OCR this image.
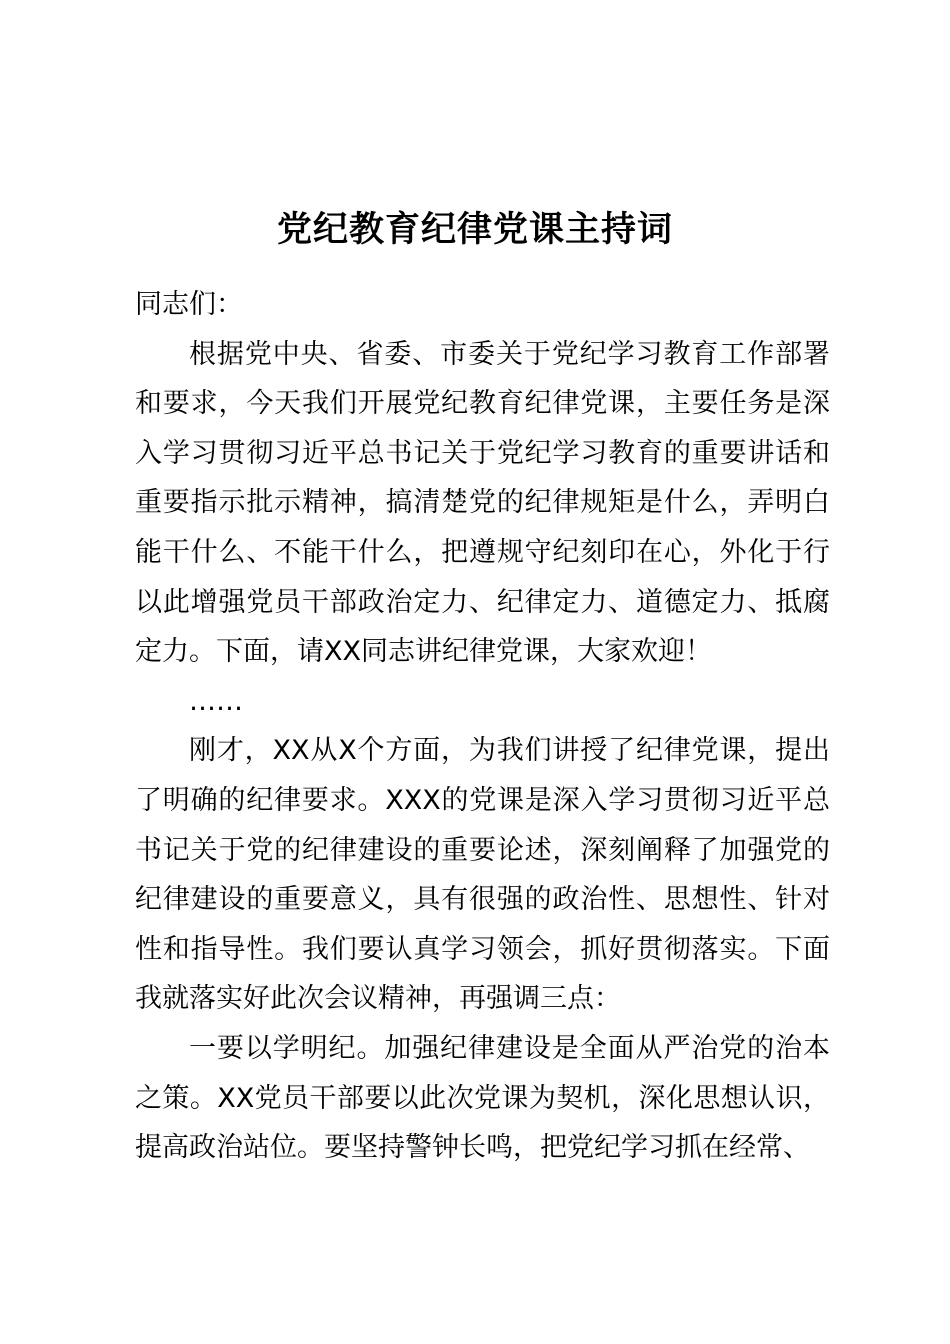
党纪教育纪律党课主持词

同志们：

根据党中央、省委、市委关于党纪学习教育工作部署和要求，今天我们开展党纪教育纪律党课，主要任务是深入学习贯彻习近平总书记关于党纪学习教育的重要讲话和重要指示批示精神，搞清楚党的纪律规矩是什么，弄明白能干什么、不能干什么，把遵规守纪刻印在心，外化于行以此增强党员干部政治定力、纪律定力、道德定力、抵腐定力。下面，请XX同志讲纪律党课，大家欢迎！

……

刚才，XX从X个方面，为我们讲授了纪律党课，提出了明确的纪律要求。XXX的党课是深入学习贯彻习近平总书记关于党的纪律建设的重要论述，深刻阐释了加强党的纪律建设的重要意义，具有很强的政治性、思想性、针对性和指导性。我们要认真学习领会，抓好贯彻落实。下面我就落实好此次会议精神，再强调三点：

一要以学明纪。加强纪律建设是全面从严治党的治本之策。XX党员干部要以此次党课为契机，深化思想认识，提高政治站位。要坚持警钟长鸣，把党纪学习抓在经常、
